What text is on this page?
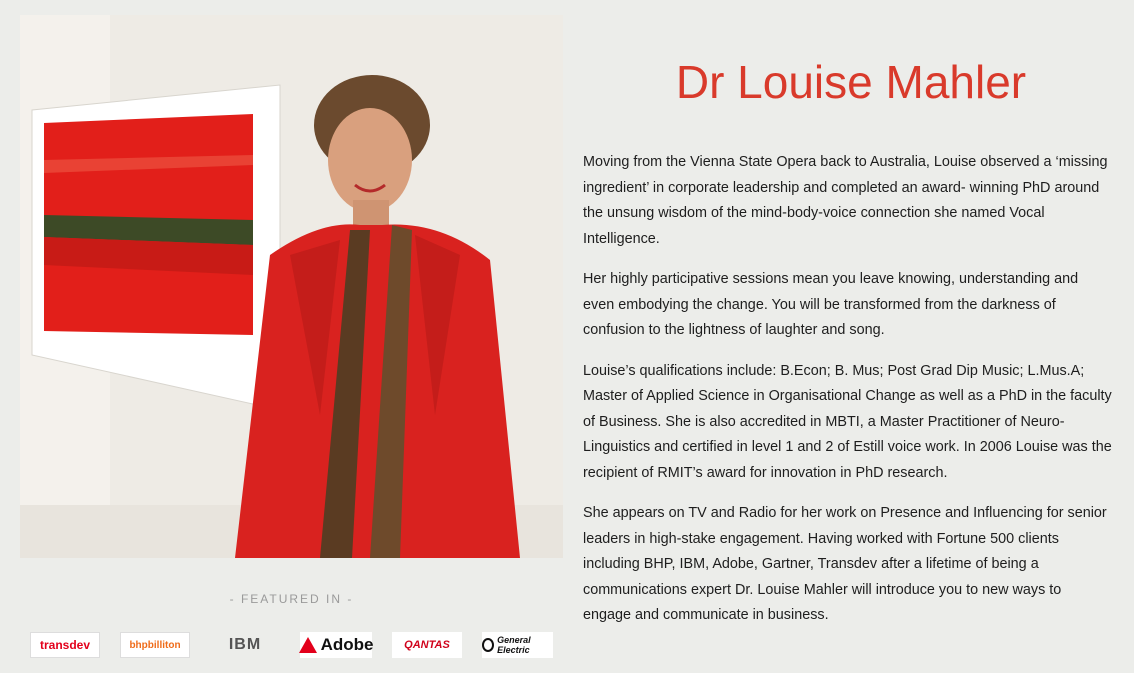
Dr Louise Mahler

Moving from the Vienna State Opera back to Australia, Louise observed a ‘missing ingredient’ in corporate leadership and completed an award- winning PhD around the unsung wisdom of the mind-body-voice connection she named Vocal Intelligence.

Her highly participative sessions mean you leave knowing, understanding and even embodying the change. You will be transformed from the darkness of confusion to the lightness of laughter and song.

Louise’s qualifications include: B.Econ; B. Mus; Post Grad Dip Music; L.Mus.A; Master of Applied Science in Organisational Change as well as a PhD in the faculty of Business. She is also accredited in MBTI, a Master Practitioner of Neuro-Linguistics and certified in level 1 and 2 of Estill voice work. In 2006 Louise was the recipient of RMIT’s award for innovation in PhD research.

She appears on TV and Radio for her work on Presence and Influencing for senior leaders in high-stake engagement. Having worked with Fortune 500 clients including BHP, IBM, Adobe, Gartner, Transdev after a lifetime of being a communications expert Dr. Louise Mahler will introduce you to new ways to engage and communicate in business.

- FEATURED IN -
transdev	bhpbilliton	IBM	Adobe	QANTAS	General Electric
